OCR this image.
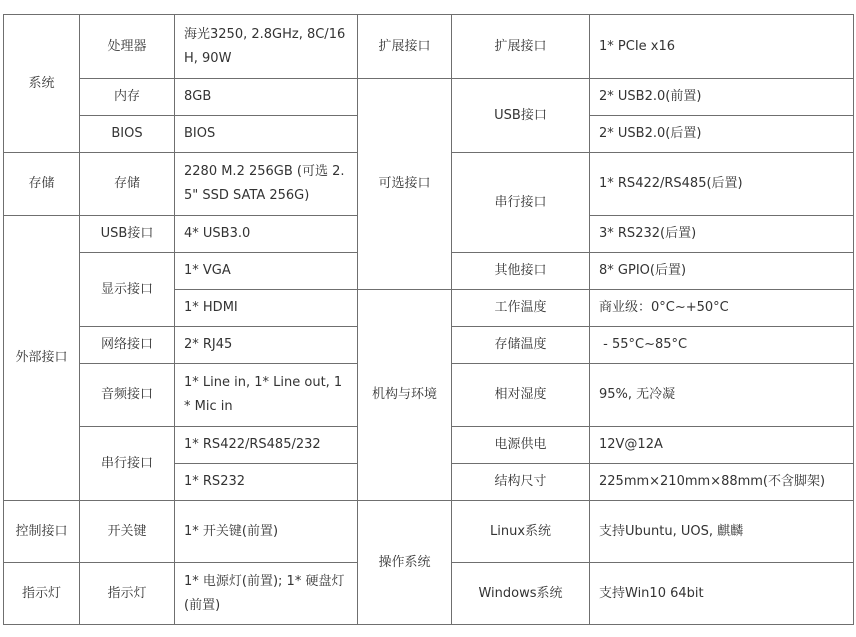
系统	处理器	海光3250, 2.8GHz, 8C/16H, 90W	扩展接口	扩展接口	1* PCIe x16
	内存	8GB	可选接口	USB接口	2* USB2.0(前置)
	BIOS	BIOS			2* USB2.0(后置)
存储	存储	2280 M.2 256GB (可选 2.5" SSD SATA 256G)		串行接口	1* RS422/RS485(后置)
外部接口	USB接口	4* USB3.0			3* RS232(后置)
	显示接口	1* VGA		其他接口	8* GPIO(后置)
		1* HDMI	机构与环境	工作温度	商业级：0°C~+50°C
	网络接口	2* RJ45		存储温度	- 55°C~85°C
	音频接口	1* Line in, 1* Line out, 1* Mic in		相对湿度	95%, 无冷凝
	串行接口	1* RS422/RS485/232		电源供电	12V@12A
		1* RS232		结构尺寸	225mm×210mm×88mm(不含脚架)
控制接口	开关键	1* 开关键(前置)	操作系统	Linux系统	支持Ubuntu, UOS, 麒麟
指示灯	指示灯	1* 电源灯(前置); 1* 硬盘灯(前置)		Windows系统	支持Win10 64bit
